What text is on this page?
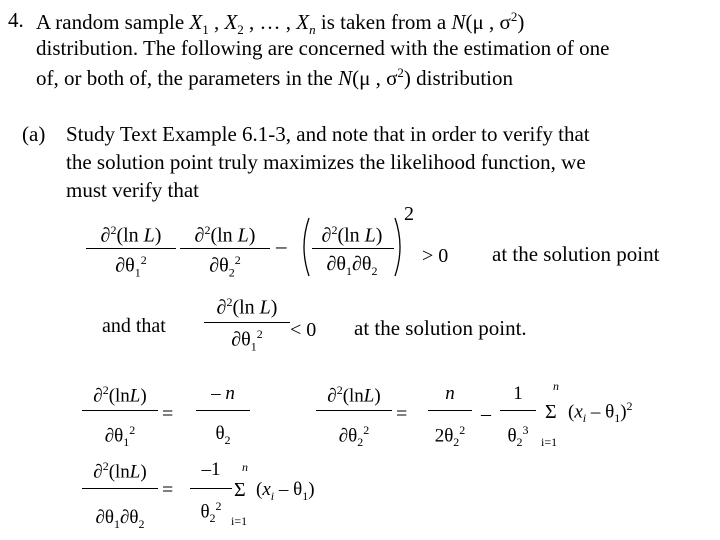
4. A random sample $X_1$ , $X_2$ , … , $X_n$ is taken from a N(μ , $\sigma^2$)
distribution. The following are concerned with the estimation of one
of, or both of, the parameters in the N(μ , $\sigma^2$) distribution
(a) Study Text Example 6.1-3, and note that in order to verify that
the solution point truly maximizes the likelihood function, we
must verify that
∂$^2$(ln L)
$\partial\theta_1^2$
∂$^2$(ln L)
$\partial\theta_2^2$
–	∂$^2$(ln L)
$\partial\theta_1\partial\theta_2$
2
> 0 at the solution point
and that
∂$^2$(ln L)
$\partial\theta_1^2$	< 0 at the solution point.
∂$^2$(lnL)
$\partial\theta_1^2$
=
– n
$\theta_2$
∂$^2$(lnL)
$\partial\theta_2^2$
=
n
$2\theta_2^2$
–
1
$\theta_2^3$
n
Σ
i=1
$(x_i - \theta_1)^2$
∂$^2$(lnL)
$\partial\theta_1\partial\theta_2$
=
–1
$\theta_2^2$
n
Σ
i=1
$(x_i - \theta_1)$
